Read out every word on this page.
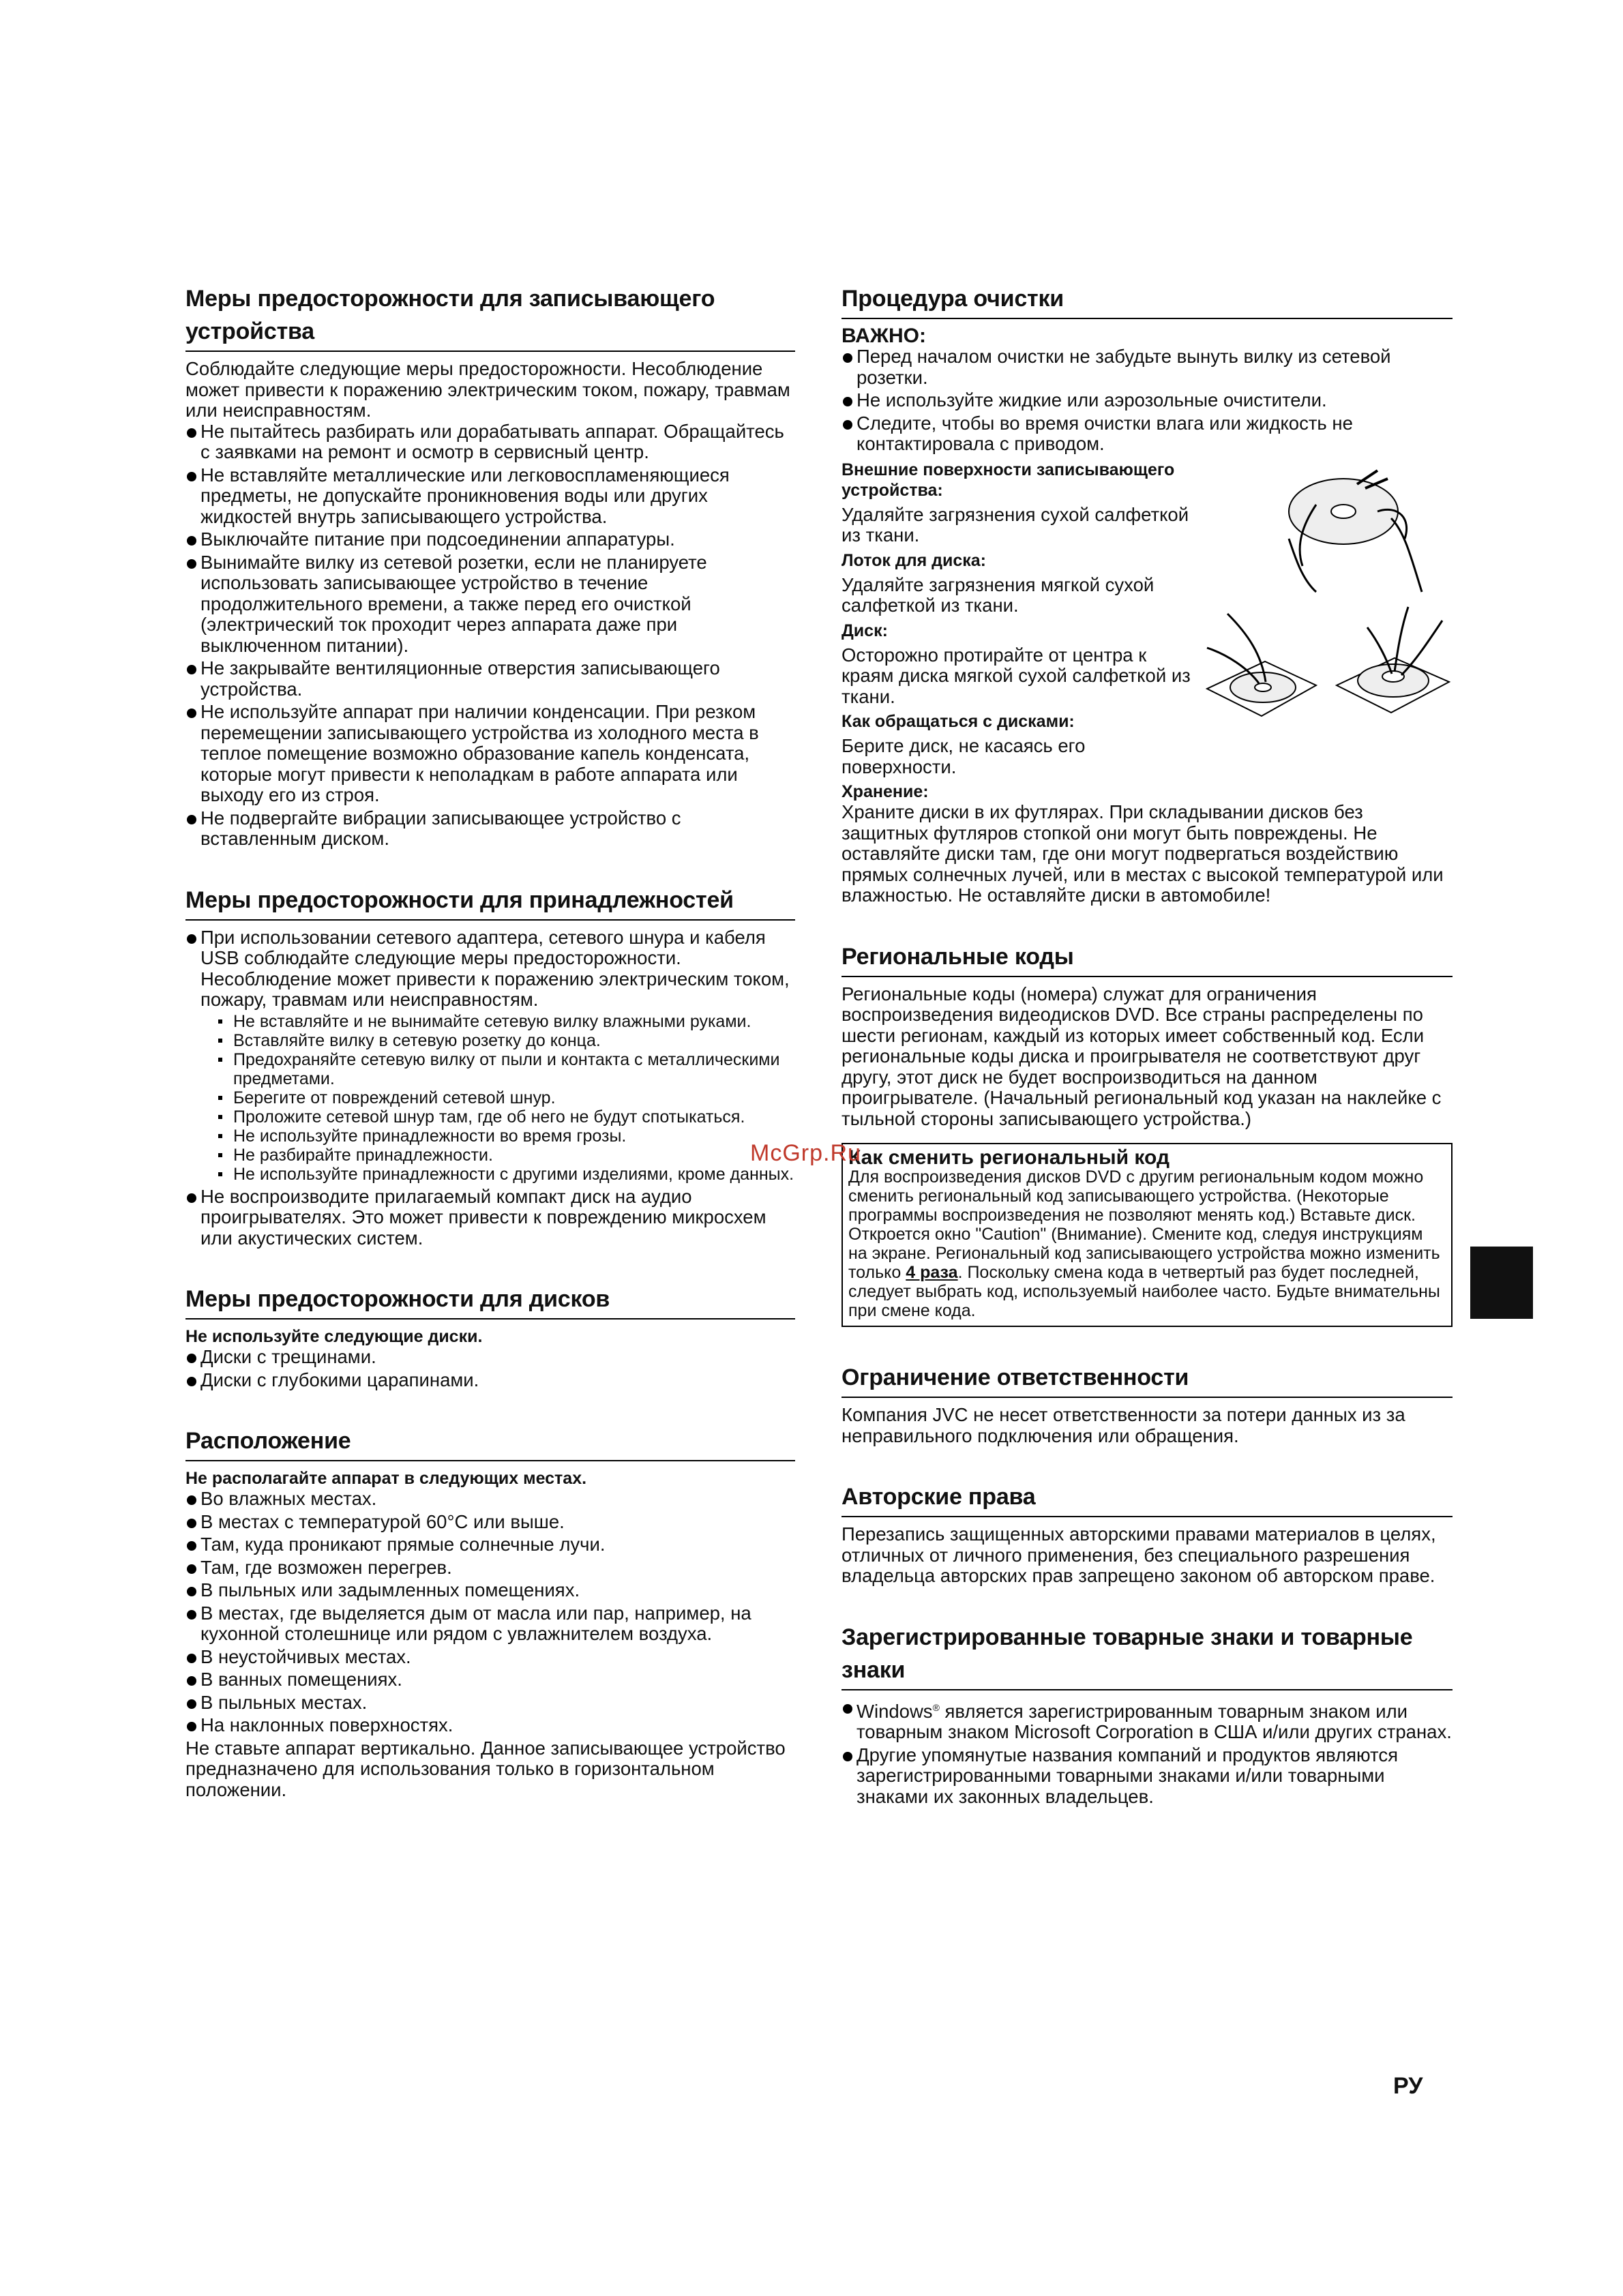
Меры предосторожности для записывающего устройства

Соблюдайте следующие меры предосторожности. Несоблюдение может привести к поражению электрическим током, пожару, травмам или неисправностям.

Не пытайтесь разбирать или дорабатывать аппарат. Обращайтесь с заявками на ремонт и осмотр в сервисный центр.
Не вставляйте металлические или легковоспламеняющиеся предметы, не допускайте проникновения воды или других жидкостей внутрь записывающего устройства.
Выключайте питание при подсоединении аппаратуры.
Вынимайте вилку из сетевой розетки, если не планируете использовать записывающее устройство в течение продолжительного времени, а также перед его очисткой (электрический ток проходит через аппарата даже при выключенном питании).
Не закрывайте вентиляционные отверстия записывающего устройства.
Не используйте аппарат при наличии конденсации. При резком перемещении записывающего устройства из холодного места в теплое помещение возможно образование капель конденсата, которые могут привести к неполадкам в работе аппарата или выходу его из строя.
Не подвергайте вибрации записывающее устройство с вставленным диском.
Меры предосторожности для принадлежностей
При использовании сетевого адаптера, сетевого шнура и кабеля USB соблюдайте следующие меры предосторожности. Несоблюдение может привести к поражению электрическим током, пожару, травмам или неисправностям.
Не вставляйте и не вынимайте сетевую вилку влажными руками.
Вставляйте вилку в сетевую розетку до конца.
Предохраняйте сетевую вилку от пыли и контакта с металлическими предметами.
Берегите от повреждений сетевой шнур.
Проложите сетевой шнур там, где об него не будут спотыкаться.
Не используйте принадлежности во время грозы.
Не разбирайте принадлежности.
Не используйте принадлежности с другими изделиями, кроме данных.
Не воспроизводите прилагаемый компакт диск на аудио проигрывателях. Это может привести к повреждению микросхем или акустических систем.
Меры предосторожности для дисков

Не используйте следующие диски.

Диски с трещинами.
Диски с глубокими царапинами.
Расположение

Не располагайте аппарат в следующих местах.

Во влажных местах.
В местах с температурой 60°C или выше.
Там, куда проникают прямые солнечные лучи.
Там, где возможен перегрев.
В пыльных или задымленных помещениях.
В местах, где выделяется дым от масла или пар, например, на кухонной столешнице или рядом с увлажнителем воздуха.
В неустойчивых местах.
В ванных помещениях.
В пыльных местах.
На наклонных поверхностях.

Не ставьте аппарат вертикально. Данное записывающее устройство предназначено для использования только в горизонтальном положении.

Процедура очистки

ВАЖНО:

Перед началом очистки не забудьте вынуть вилку из сетевой розетки.
Не используйте жидкие или аэрозольные очистители.
Следите, чтобы во время очистки влага или жидкость не контактировала с приводом.

Внешние поверхности записывающего устройства:

Удаляйте загрязнения сухой салфеткой из ткани.

Лоток для диска:

Удаляйте загрязнения мягкой сухой салфеткой из ткани.

Диск:

Осторожно протирайте от центра к краям диска мягкой сухой салфеткой из ткани.

Как обращаться с дисками:

Берите диск, не касаясь его поверхности.

Хранение:

Храните диски в их футлярах. При складывании дисков без защитных футляров стопкой они могут быть повреждены. Не оставляйте диски там, где они могут подвергаться воздействию прямых солнечных лучей, или в местах с высокой температурой или влажностью. Не оставляйте диски в автомобиле!

Региональные коды

Региональные коды (номера) служат для ограничения воспроизведения видеодисков DVD. Все страны распределены по шести регионам, каждый из которых имеет собственный код. Если региональные коды диска и проигрывателя не соответствуют друг другу, этот диск не будет воспроизводиться на данном проигрывателе. (Начальный региональный код указан на наклейке с тыльной стороны записывающего устройства.)

Как сменить региональный код

Для воспроизведения дисков DVD с другим региональным кодом можно сменить региональный код записывающего устройства. (Некоторые программы воспроизведения не позволяют менять код.) Вставьте диск. Откроется окно "Caution" (Внимание). Смените код, следуя инструкциям на экране. Региональный код записывающего устройства можно изменить только 4 раза. Поскольку смена кода в четвертый раз будет последней, следует выбрать код, используемый наиболее часто. Будьте внимательны при смене кода.

Ограничение ответственности

Компания JVC не несет ответственности за потери данных из за неправильного подключения или обращения.

Авторские права

Перезапись защищенных авторскими правами материалов в целях, отличных от личного применения, без специального разрешения владельца авторских прав запрещено законом об авторском праве.

Зарегистрированные товарные знаки и товарные знаки
Windows® является зарегистрированным товарным знаком или товарным знаком Microsoft Corporation в США и/или других странах.
Другие упомянутые названия компаний и продуктов являются зарегистрированными товарными знаками и/или товарными знаками их законных владельцев.
McGrp.Ru
РУ
